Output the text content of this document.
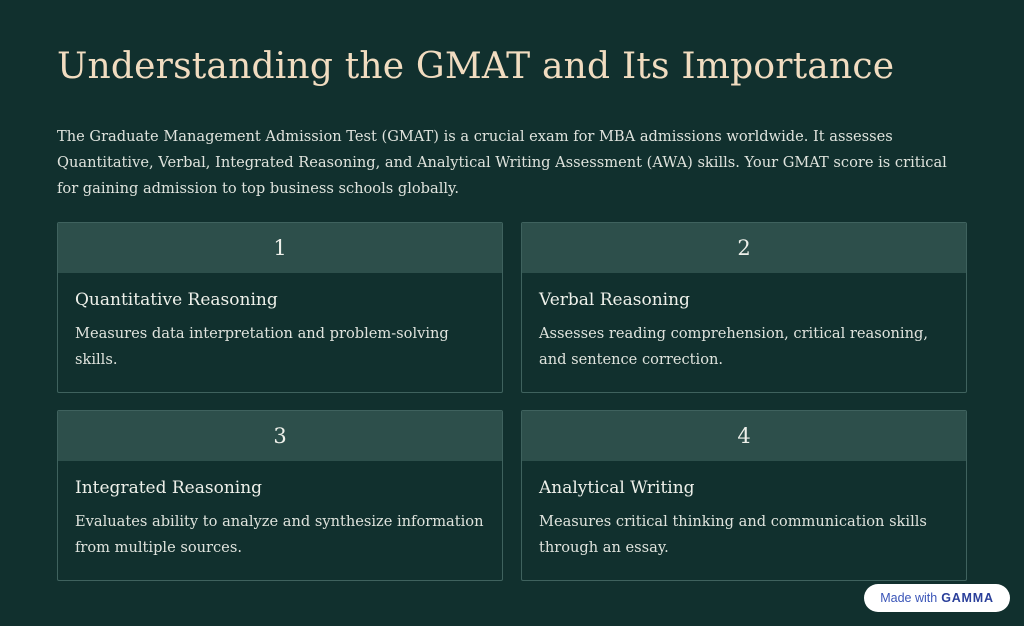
Understanding the GMAT and Its Importance

The Graduate Management Admission Test (GMAT) is a crucial exam for MBA admissions worldwide. It assesses Quantitative, Verbal, Integrated Reasoning, and Analytical Writing Assessment (AWA) skills. Your GMAT score is critical for gaining admission to top business schools globally.

1
Quantitative Reasoning

Measures data interpretation and problem-solving skills.

2
Verbal Reasoning

Assesses reading comprehension, critical reasoning, and sentence correction.

3
Integrated Reasoning

Evaluates ability to analyze and synthesize information from multiple sources.

4
Analytical Writing

Measures critical thinking and communication skills through an essay.

Made with GAMMA
